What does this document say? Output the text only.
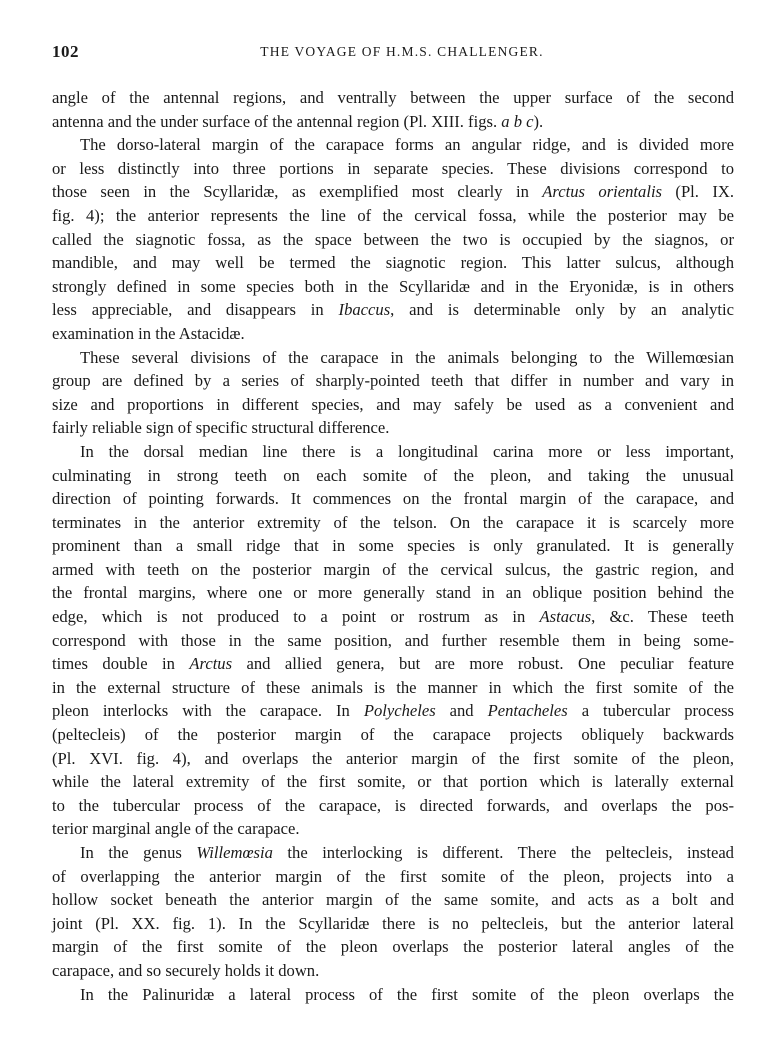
102	THE VOYAGE OF H.M.S. CHALLENGER.
angle of the antennal regions, and ventrally between the upper surface of the second
antenna and the under surface of the antennal region (Pl. XIII. figs. a b c).
The dorso-lateral margin of the carapace forms an angular ridge, and is divided more
or less distinctly into three portions in separate species. These divisions correspond to
those seen in the Scyllaridæ, as exemplified most clearly in Arctus orientalis (Pl. IX.
fig. 4); the anterior represents the line of the cervical fossa, while the posterior may be
called the siagnotic fossa, as the space between the two is occupied by the siagnos, or
mandible, and may well be termed the siagnotic region. This latter sulcus, although
strongly defined in some species both in the Scyllaridæ and in the Eryonidæ, is in others
less appreciable, and disappears in Ibaccus, and is determinable only by an analytic
examination in the Astacidæ.
These several divisions of the carapace in the animals belonging to the Willemœsian
group are defined by a series of sharply-pointed teeth that differ in number and vary in
size and proportions in different species, and may safely be used as a convenient and
fairly reliable sign of specific structural difference.
In the dorsal median line there is a longitudinal carina more or less important,
culminating in strong teeth on each somite of the pleon, and taking the unusual
direction of pointing forwards. It commences on the frontal margin of the carapace, and
terminates in the anterior extremity of the telson. On the carapace it is scarcely more
prominent than a small ridge that in some species is only granulated. It is generally
armed with teeth on the posterior margin of the cervical sulcus, the gastric region, and
the frontal margins, where one or more generally stand in an oblique position behind the
edge, which is not produced to a point or rostrum as in Astacus, &c. These teeth
correspond with those in the same position, and further resemble them in being some-
times double in Arctus and allied genera, but are more robust. One peculiar feature
in the external structure of these animals is the manner in which the first somite of the
pleon interlocks with the carapace. In Polycheles and Pentacheles a tubercular process
(peltecleis) of the posterior margin of the carapace projects obliquely backwards
(Pl. XVI. fig. 4), and overlaps the anterior margin of the first somite of the pleon,
while the lateral extremity of the first somite, or that portion which is laterally external
to the tubercular process of the carapace, is directed forwards, and overlaps the pos-
terior marginal angle of the carapace.
In the genus Willemœsia the interlocking is different. There the peltecleis, instead
of overlapping the anterior margin of the first somite of the pleon, projects into a
hollow socket beneath the anterior margin of the same somite, and acts as a bolt and
joint (Pl. XX. fig. 1). In the Scyllaridæ there is no peltecleis, but the anterior lateral
margin of the first somite of the pleon overlaps the posterior lateral angles of the
carapace, and so securely holds it down.
In the Palinuridæ a lateral process of the first somite of the pleon overlaps the
